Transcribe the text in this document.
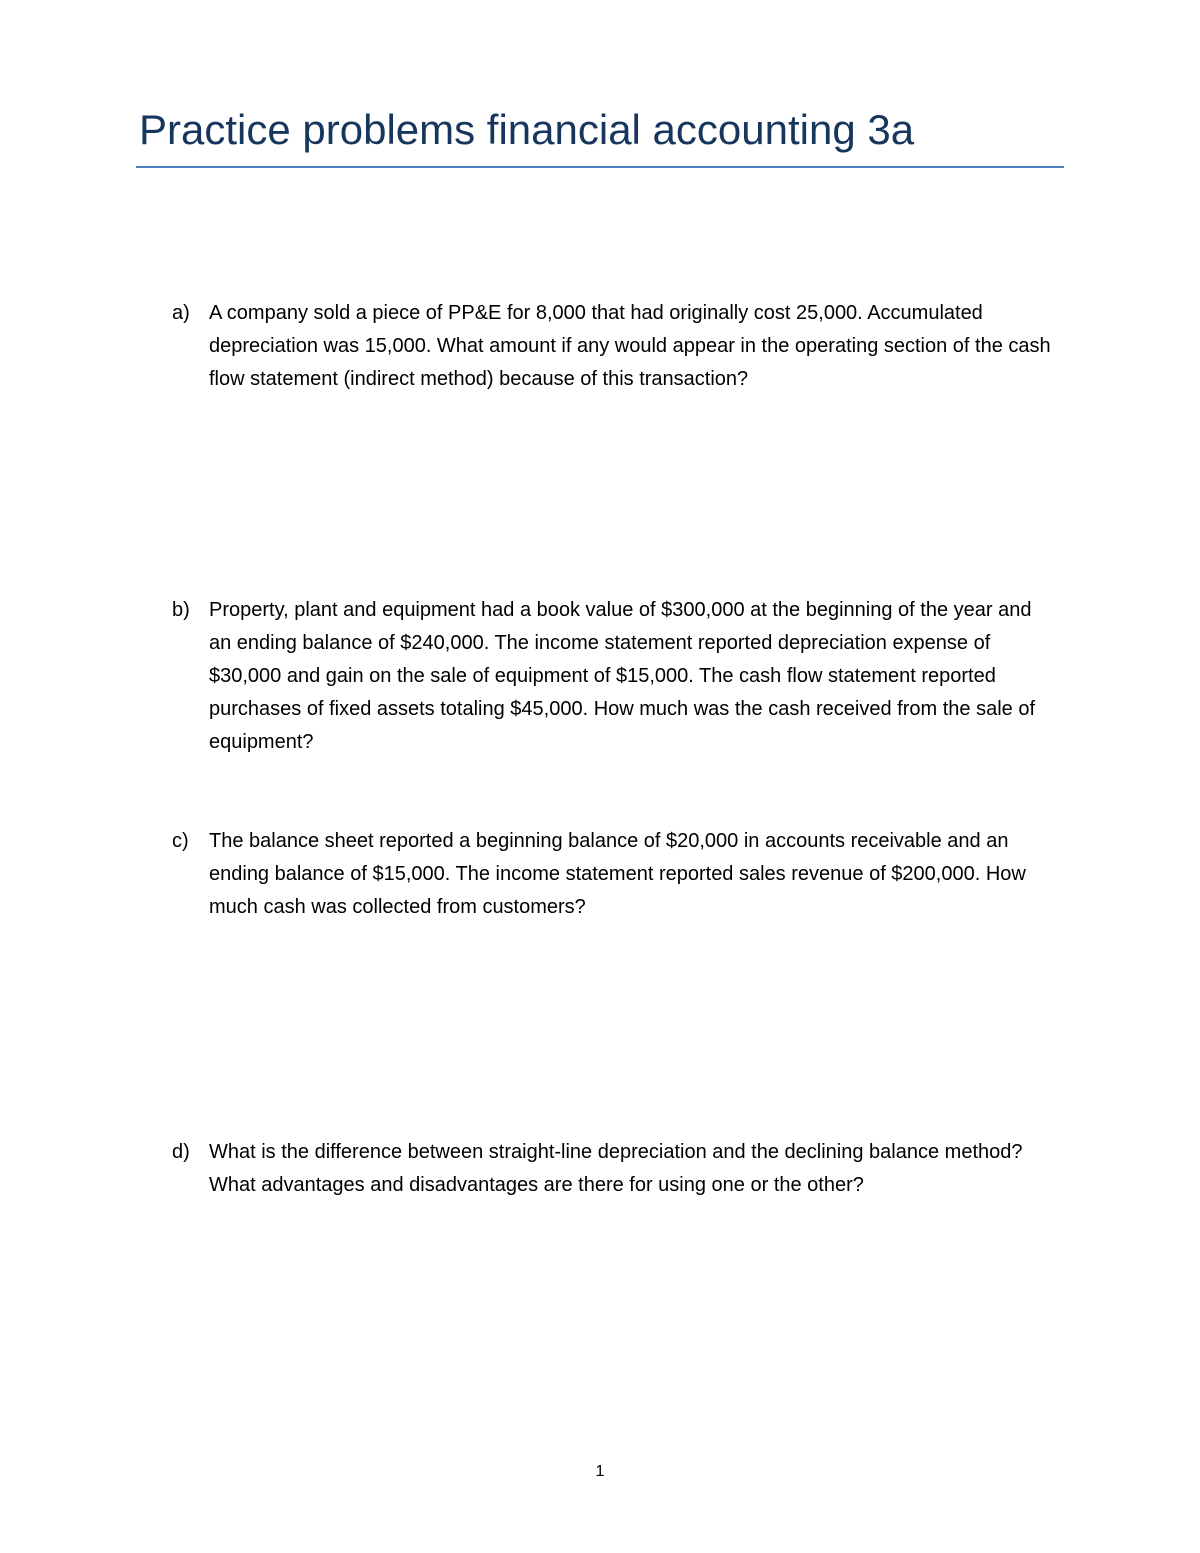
Practice problems financial accounting 3a
a) A company sold a piece of PP&E for 8,000 that had originally cost 25,000. Accumulated depreciation was 15,000. What amount if any would appear in the operating section of the cash flow statement (indirect method) because of this transaction?
b) Property, plant and equipment had a book value of $300,000 at the beginning of the year and an ending balance of $240,000. The income statement reported depreciation expense of $30,000 and gain on the sale of equipment of $15,000. The cash flow statement reported purchases of fixed assets totaling $45,000. How much was the cash received from the sale of equipment?
c)	The balance sheet reported a beginning balance of $20,000 in accounts receivable and an ending balance of $15,000. The income statement reported sales revenue of $200,000. How much cash was collected from customers?
d) What is the difference between straight-line depreciation and the declining balance method? What advantages and disadvantages are there for using one or the other?
1
